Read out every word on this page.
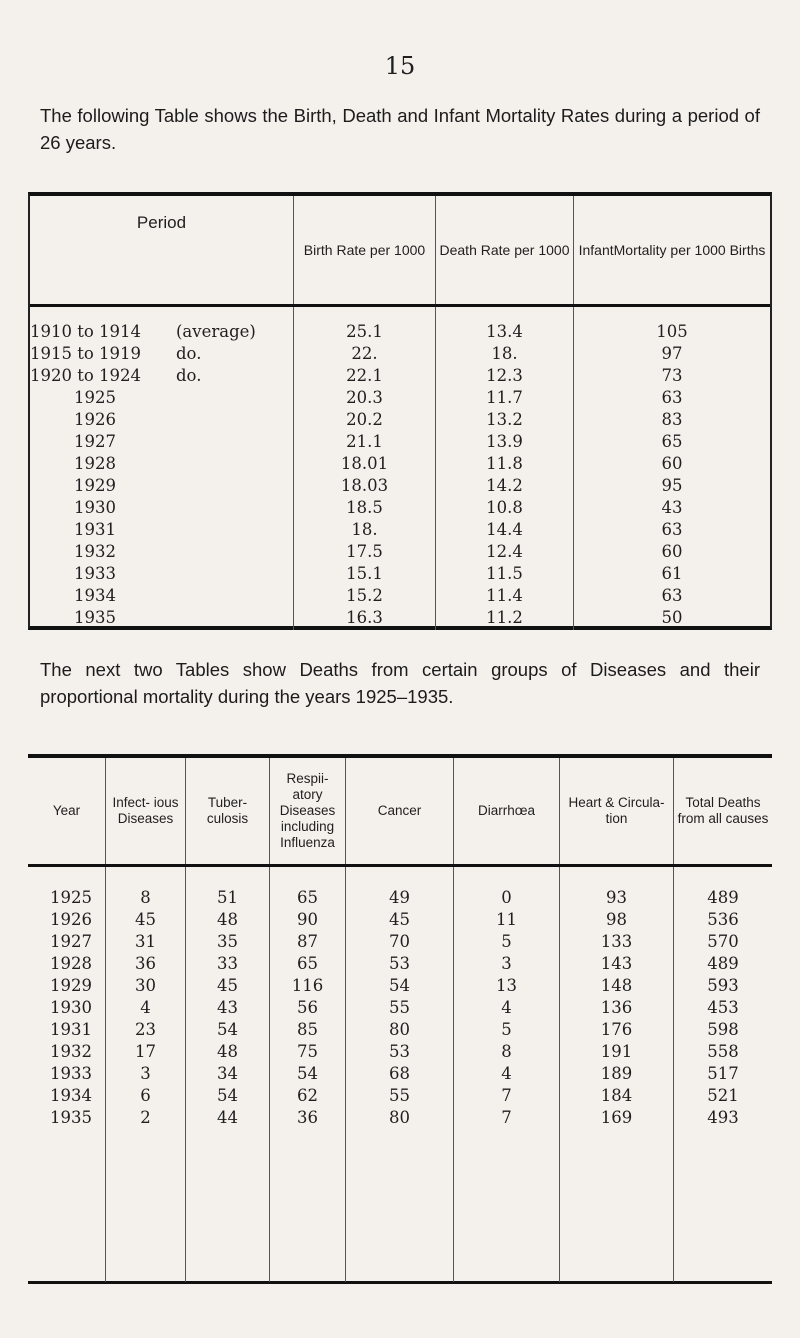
15
The following Table shows the Birth, Death and Infant Mortality Rates during a period of 26 years.
Period
Birth Rate per 1000	Death Rate per 1000 InfantMortality per 1000 Births
1910 to 1914 (average)
1915 to 1919 do.
1920 to 1924 do.
1925
1926
1927
1928
1929
1930
1931
1932
1933
1934
1935
25.1
22.
22.1
20.3
20.2
21.1
18.01
18.03
18.5
18.
17.5
15.1
15.2
16.3
13.4
18.
12.3
11.7
13.2
13.9
11.8
14.2
10.8
14.4
12.4
11.5
11.4
11.2
105
97
73
63
83
65
60
95
43
63
60
61
63
50
The next two Tables show Deaths from certain groups of Diseases and their proportional mortality during the years 1925–1935.
Year
Infect- ious Diseases
Tuber- culosis
Respii- atory Diseases including Influenza
Cancer	Diarrhœa
Heart & Circula- tion
Total Deaths from all causes
1925
1926
1927
1928
1929
1930
1931
1932
1933
1934
1935
8
45
31
36
30
4
23
17
3
6
2
51
48
35
33
45
43
54
48
34
54
44
65
90
87
65
116
56
85
75
54
62
36
49
45
70
53
54
55
80
53
68
55
80
0
11
5
3
13
4
5
8
4
7
7
93
98
133
143
148
136
176
191
189
184
169
489
536
570
489
593
453
598
558
517
521
493
